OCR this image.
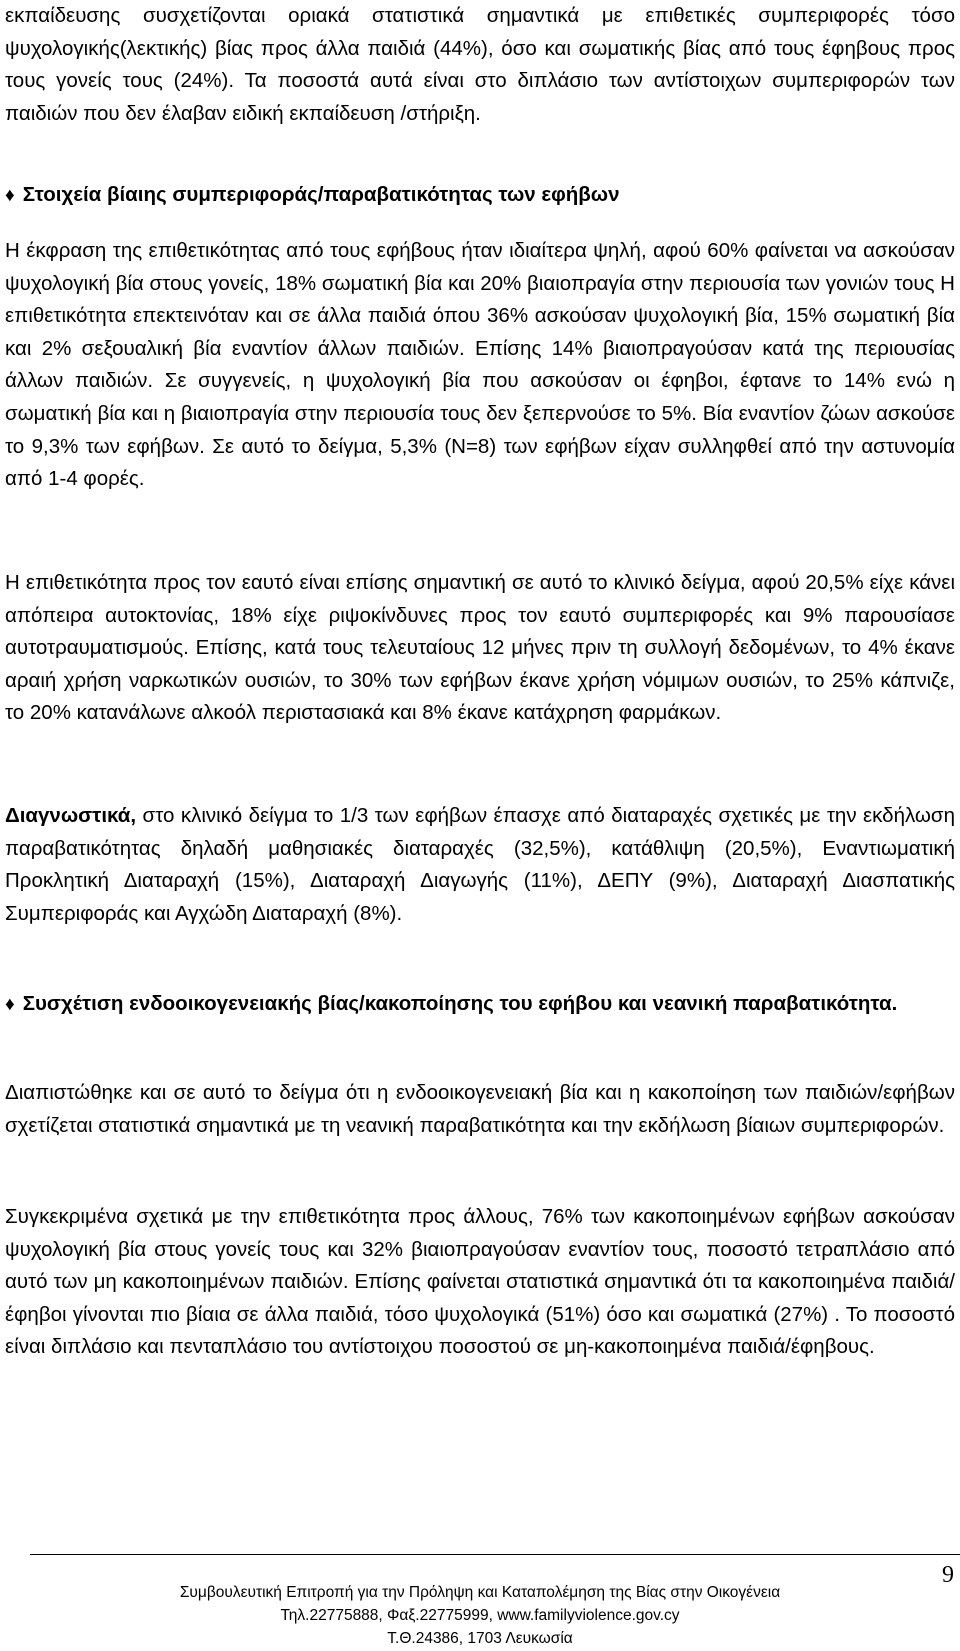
εκπαίδευσης συσχετίζονται οριακά στατιστικά σημαντικά με επιθετικές συμπεριφορές τόσο ψυχολογικής(λεκτικής) βίας προς άλλα παιδιά (44%), όσο και σωματικής βίας από τους έφηβους προς τους γονείς τους (24%). Τα ποσοστά αυτά είναι στο διπλάσιο των αντίστοιχων συμπεριφορών των παιδιών που δεν έλαβαν ειδική εκπαίδευση /στήριξη.

♦ Στοιχεία βίαιης συμπεριφοράς/παραβατικότητας των εφήβων

Η έκφραση της επιθετικότητας από τους εφήβους ήταν ιδιαίτερα ψηλή, αφού 60% φαίνεται να ασκούσαν ψυχολογική βία στους γονείς, 18% σωματική βία και 20% βιαιοπραγία στην περιουσία των γονιών τους Η επιθετικότητα επεκτεινόταν και σε άλλα παιδιά όπου 36% ασκούσαν ψυχολογική βία, 15% σωματική βία και 2% σεξουαλική βία εναντίον άλλων παιδιών. Επίσης 14% βιαιοπραγούσαν κατά της περιουσίας άλλων παιδιών. Σε συγγενείς, η ψυχολογική βία που ασκούσαν οι έφηβοι, έφτανε το 14% ενώ η σωματική βία και η βιαιοπραγία στην περιουσία τους δεν ξεπερνούσε το 5%. Βία εναντίον ζώων ασκούσε το 9,3% των εφήβων. Σε αυτό το δείγμα, 5,3% (Ν=8) των εφήβων είχαν συλληφθεί από την αστυνομία από 1-4 φορές.

Η επιθετικότητα προς τον εαυτό είναι επίσης σημαντική σε αυτό το κλινικό δείγμα, αφού 20,5% είχε κάνει απόπειρα αυτοκτονίας, 18% είχε ριψοκίνδυνες προς τον εαυτό συμπεριφορές και 9% παρουσίασε αυτοτραυματισμούς. Επίσης, κατά τους τελευταίους 12 μήνες πριν τη συλλογή δεδομένων, το 4% έκανε αραιή χρήση ναρκωτικών ουσιών, το 30% των εφήβων έκανε χρήση νόμιμων ουσιών, το 25% κάπνιζε, το 20% κατανάλωνε αλκοόλ περιστασιακά και 8% έκανε κατάχρηση φαρμάκων.

Διαγνωστικά, στο κλινικό δείγμα το 1/3 των εφήβων έπασχε από διαταραχές σχετικές με την εκδήλωση παραβατικότητας δηλαδή μαθησιακές διαταραχές (32,5%), κατάθλιψη (20,5%), Εναντιωματική Προκλητική Διαταραχή (15%), Διαταραχή Διαγωγής (11%), ΔΕΠΥ (9%), Διαταραχή Διασπατικής Συμπεριφοράς και Αγχώδη Διαταραχή (8%).

♦ Συσχέτιση ενδοοικογενειακής βίας/κακοποίησης του εφήβου και νεανική παραβατικότητα.

Διαπιστώθηκε και σε αυτό το δείγμα ότι η ενδοοικογενειακή βία και η κακοποίηση των παιδιών/εφήβων σχετίζεται στατιστικά σημαντικά με τη νεανική παραβατικότητα και την εκδήλωση βίαιων συμπεριφορών.

Συγκεκριμένα σχετικά με την επιθετικότητα προς άλλους, 76% των κακοποιημένων εφήβων ασκούσαν ψυχολογική βία στους γονείς τους και 32% βιαιοπραγούσαν εναντίον τους, ποσοστό τετραπλάσιο από αυτό των μη κακοποιημένων παιδιών. Επίσης φαίνεται στατιστικά σημαντικά ότι τα κακοποιημένα παιδιά/έφηβοι γίνονται πιο βίαια σε άλλα παιδιά, τόσο ψυχολογικά (51%) όσο και σωματικά (27%) . Το ποσοστό είναι διπλάσιο και πενταπλάσιο του αντίστοιχου ποσοστού σε μη-κακοποιημένα παιδιά/έφηβους.

9
Συμβουλευτική Επιτροπή για την Πρόληψη και Καταπολέμηση της Βίας στην Οικογένεια
Τηλ.22775888, Φαξ.22775999, www.familyviolence.gov.cy
Τ.Θ.24386, 1703 Λευκωσία
